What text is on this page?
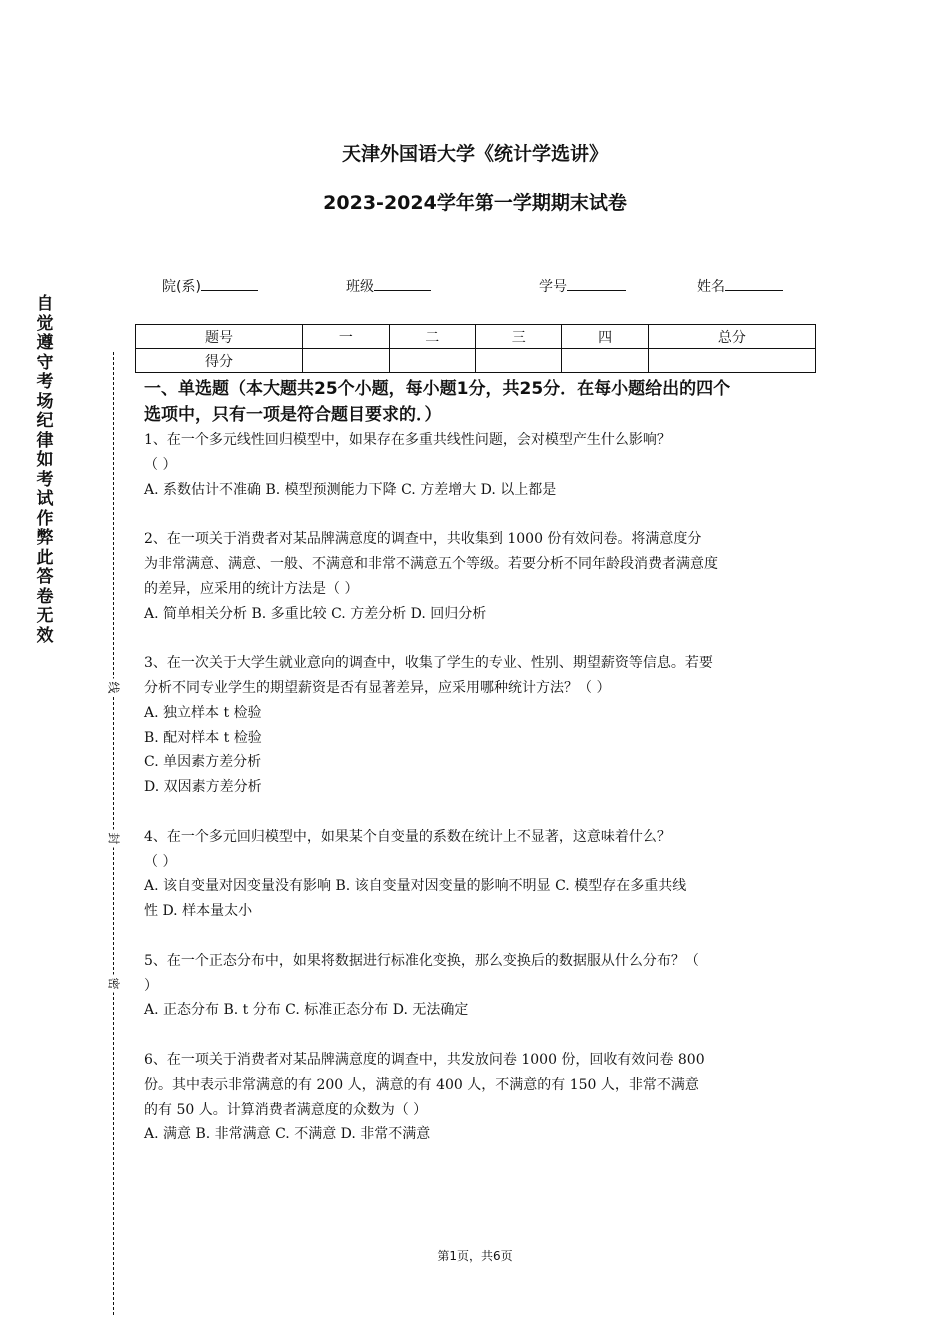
天津外国语大学《统计学选讲》
2023-2024学年第一学期期末试卷
院(系)	班级	学号	姓名
题号	一	二	三	四	总分
得分					
自觉遵守考场纪律如考试作弊此答卷无效
线
封
密

一、单选题（本大题共25个小题，每小题1分，共25分．在每小题给出的四个

选项中，只有一项是符合题目要求的．）

1、在一个多元线性回归模型中，如果存在多重共线性问题，会对模型产生什么影响？

（ ）

A. 系数估计不准确 B. 模型预测能力下降 C. 方差增大 D. 以上都是

2、在一项关于消费者对某品牌满意度的调查中，共收集到 1000 份有效问卷。将满意度分

为非常满意、满意、一般、不满意和非常不满意五个等级。若要分析不同年龄段消费者满意度

的差异，应采用的统计方法是（ ）

A. 简单相关分析 B. 多重比较 C. 方差分析 D. 回归分析

3、在一次关于大学生就业意向的调查中，收集了学生的专业、性别、期望薪资等信息。若要

分析不同专业学生的期望薪资是否有显著差异，应采用哪种统计方法？（ ）

A. 独立样本 t 检验

B. 配对样本 t 检验

C. 单因素方差分析

D. 双因素方差分析

4、在一个多元回归模型中，如果某个自变量的系数在统计上不显著，这意味着什么？

（ ）

A. 该自变量对因变量没有影响 B. 该自变量对因变量的影响不明显 C. 模型存在多重共线

性 D. 样本量太小

5、在一个正态分布中，如果将数据进行标准化变换，那么变换后的数据服从什么分布？（

）

A. 正态分布 B. t 分布 C. 标准正态分布 D. 无法确定

6、在一项关于消费者对某品牌满意度的调查中，共发放问卷 1000 份，回收有效问卷 800

份。其中表示非常满意的有 200 人，满意的有 400 人，不满意的有 150 人，非常不满意

的有 50 人。计算消费者满意度的众数为（ ）

A. 满意 B. 非常满意 C. 不满意 D. 非常不满意

第1页，共6页
